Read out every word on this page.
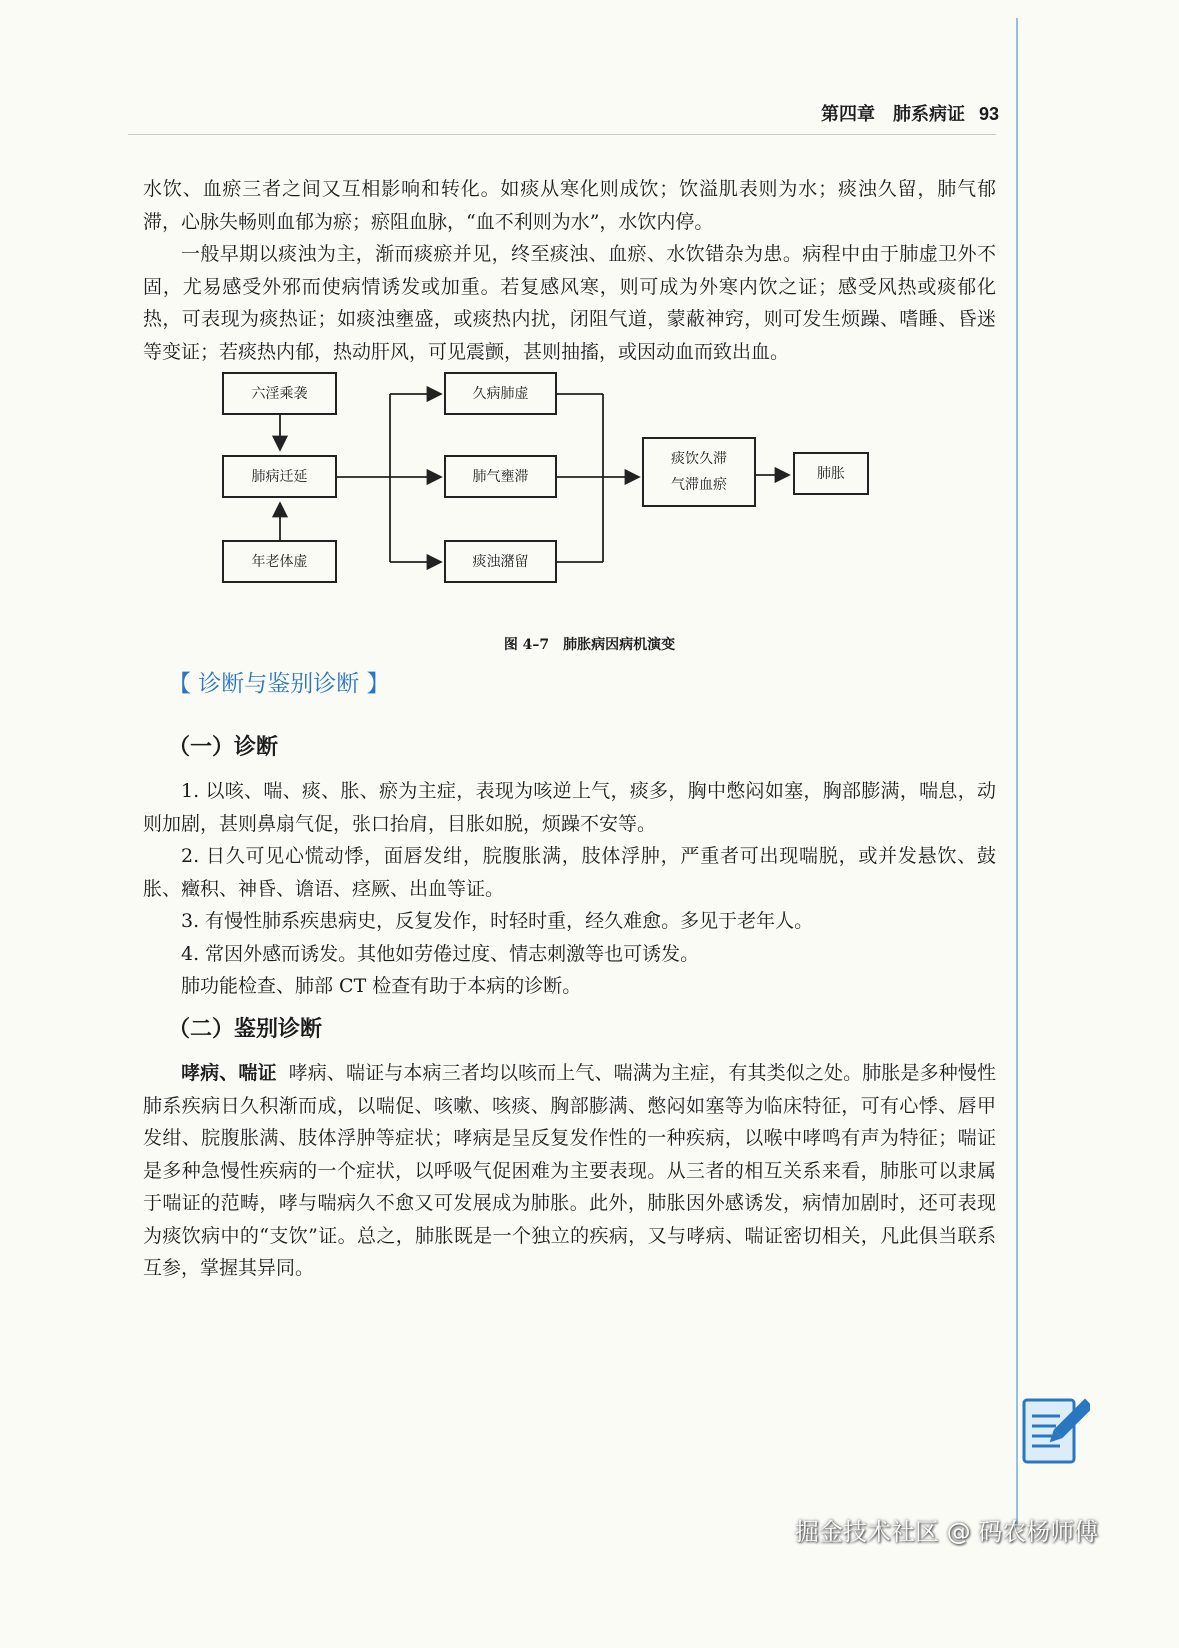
第四章　肺系病证 93

水饮、血瘀三者之间又互相影响和转化。如痰从寒化则成饮；饮溢肌表则为水；痰浊久留，肺气郁滞，心脉失畅则血郁为瘀；瘀阻血脉，“血不利则为水”，水饮内停。

一般早期以痰浊为主，渐而痰瘀并见，终至痰浊、血瘀、水饮错杂为患。病程中由于肺虚卫外不固，尤易感受外邪而使病情诱发或加重。若复感风寒，则可成为外寒内饮之证；感受风热或痰郁化热，可表现为痰热证；如痰浊壅盛，或痰热内扰，闭阻气道，蒙蔽神窍，则可发生烦躁、嗜睡、昏迷等变证；若痰热内郁，热动肝风，可见震颤，甚则抽搐，或因动血而致出血。

六淫乘袭
肺病迁延
年老体虚
久病肺虚
肺气壅滞
痰浊潴留
痰饮久滞
气滞血瘀
肺胀
图 4–7　肺胀病因病机演变
【 诊断与鉴别诊断 】
（一）诊断

1. 以咳、喘、痰、胀、瘀为主症，表现为咳逆上气，痰多，胸中憋闷如塞，胸部膨满，喘息，动则加剧，甚则鼻扇气促，张口抬肩，目胀如脱，烦躁不安等。

2. 日久可见心慌动悸，面唇发绀，脘腹胀满，肢体浮肿，严重者可出现喘脱，或并发悬饮、鼓胀、癥积、神昏、谵语、痉厥、出血等证。

3. 有慢性肺系疾患病史，反复发作，时轻时重，经久难愈。多见于老年人。

4. 常因外感而诱发。其他如劳倦过度、情志刺激等也可诱发。

肺功能检查、肺部 CT 检查有助于本病的诊断。

（二）鉴别诊断

哮病、喘证 哮病、喘证与本病三者均以咳而上气、喘满为主症，有其类似之处。肺胀是多种慢性肺系疾病日久积渐而成，以喘促、咳嗽、咳痰、胸部膨满、憋闷如塞等为临床特征，可有心悸、唇甲发绀、脘腹胀满、肢体浮肿等症状；哮病是呈反复发作性的一种疾病，以喉中哮鸣有声为特征；喘证是多种急慢性疾病的一个症状，以呼吸气促困难为主要表现。从三者的相互关系来看，肺胀可以隶属于喘证的范畴，哮与喘病久不愈又可发展成为肺胀。此外，肺胀因外感诱发，病情加剧时，还可表现为痰饮病中的“支饮”证。总之，肺胀既是一个独立的疾病，又与哮病、喘证密切相关，凡此俱当联系互参，掌握其异同。

掘金技术社区 @ 码农杨师傅
